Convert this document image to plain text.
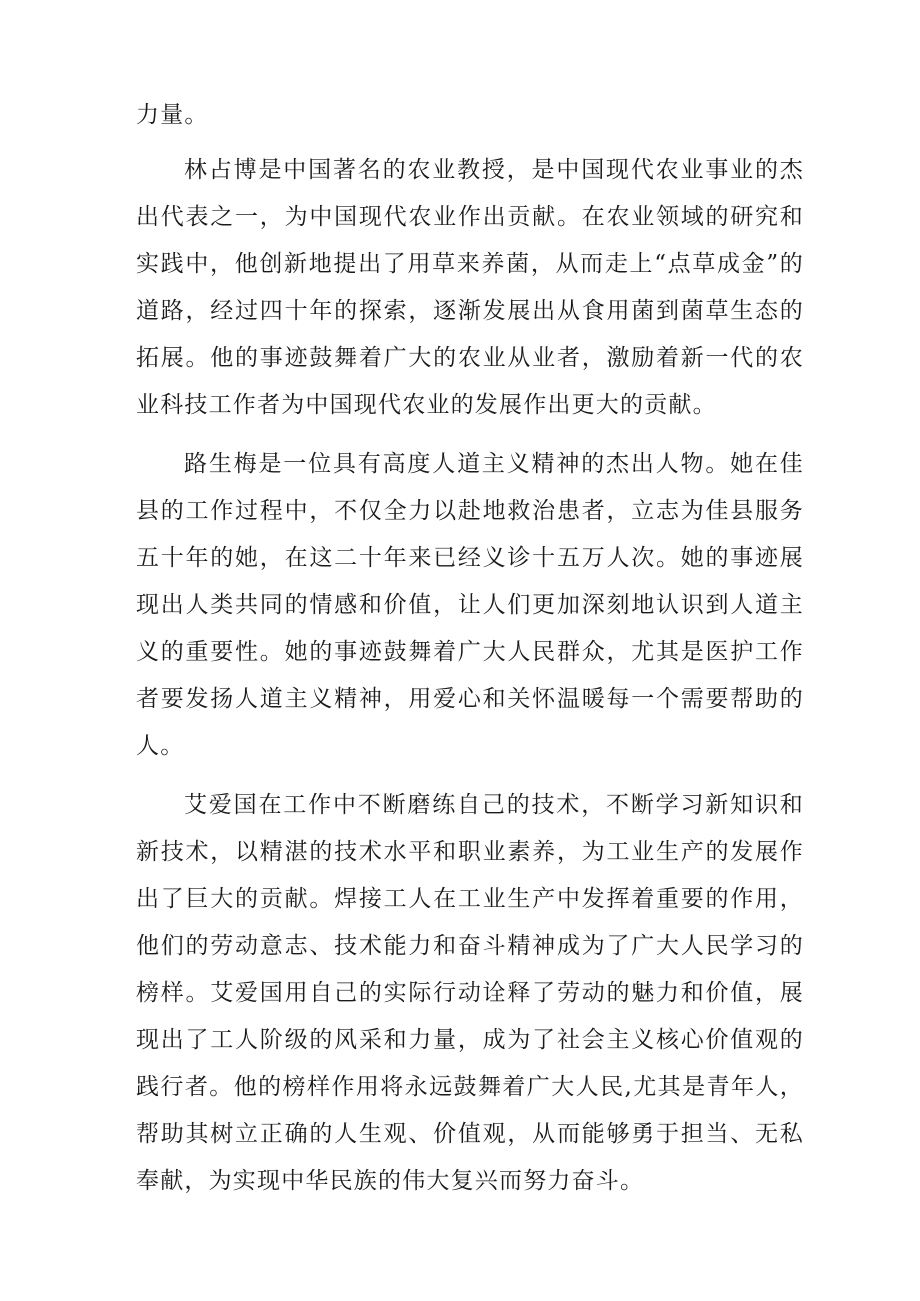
力量。

林占博是中国著名的农业教授，是中国现代农业事业的杰出代表之一，为中国现代农业作出贡献。在农业领域的研究和实践中，他创新地提出了用草来养菌，从而走上“点草成金”的道路，经过四十年的探索，逐渐发展出从食用菌到菌草生态的拓展。他的事迹鼓舞着广大的农业从业者，激励着新一代的农业科技工作者为中国现代农业的发展作出更大的贡献。

路生梅是一位具有高度人道主义精神的杰出人物。她在佳县的工作过程中，不仅全力以赴地救治患者，立志为佳县服务五十年的她，在这二十年来已经义诊十五万人次。她的事迹展现出人类共同的情感和价值，让人们更加深刻地认识到人道主义的重要性。她的事迹鼓舞着广大人民群众，尤其是医护工作者要发扬人道主义精神，用爱心和关怀温暖每一个需要帮助的人。

艾爱国在工作中不断磨练自己的技术，不断学习新知识和新技术，以精湛的技术水平和职业素养，为工业生产的发展作出了巨大的贡献。焊接工人在工业生产中发挥着重要的作用，他们的劳动意志、技术能力和奋斗精神成为了广大人民学习的榜样。艾爱国用自己的实际行动诠释了劳动的魅力和价值，展现出了工人阶级的风采和力量，成为了社会主义核心价值观的践行者。他的榜样作用将永远鼓舞着广大人民,尤其是青年人，帮助其树立正确的人生观、价值观，从而能够勇于担当、无私奉献，为实现中华民族的伟大复兴而努力奋斗。
